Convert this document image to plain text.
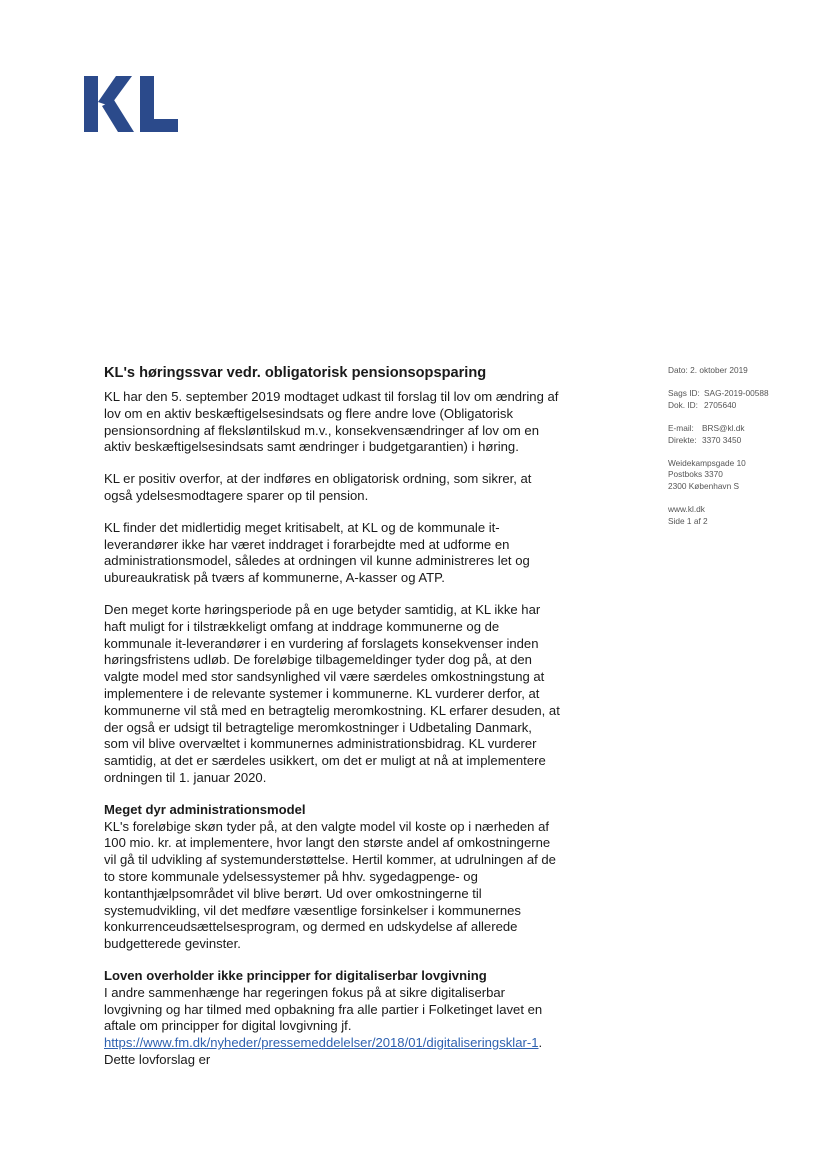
KL's høringssvar vedr. obligatorisk pensionsopsparing

KL har den 5. september 2019 modtaget udkast til forslag til lov om ændring af lov om en aktiv beskæftigelsesindsats og flere andre love (Obligatorisk pensionsordning af fleksløntilskud m.v., konsekvensændringer af lov om en aktiv beskæftigelsesindsats samt ændringer i budgetgarantien) i høring.

KL er positiv overfor, at der indføres en obligatorisk ordning, som sikrer, at også ydelsesmodtagere sparer op til pension.

KL finder det midlertidig meget kritisabelt, at KL og de kommunale it-leverandører ikke har været inddraget i forarbejdte med at udforme en administrationsmodel, således at ordningen vil kunne administreres let og ubureaukratisk på tværs af kommunerne, A-kasser og ATP.

Den meget korte høringsperiode på en uge betyder samtidig, at KL ikke har haft muligt for i tilstrækkeligt omfang at inddrage kommunerne og de kommunale it-leverandører i en vurdering af forslagets konsekvenser inden høringsfristens udløb. De foreløbige tilbagemeldinger tyder dog på, at den valgte model med stor sandsynlighed vil være særdeles omkostningstung at implementere i de relevante systemer i kommunerne. KL vurderer derfor, at kommunerne vil stå med en betragtelig meromkostning. KL erfarer desuden, at der også er udsigt til betragtelige meromkostninger i Udbetaling Danmark, som vil blive overvæltet i kommunernes administrationsbidrag. KL vurderer samtidig, at det er særdeles usikkert, om det er muligt at nå at implementere ordningen til 1. januar 2020.

Meget dyr administrationsmodel

KL's foreløbige skøn tyder på, at den valgte model vil koste op i nærheden af 100 mio. kr. at implementere, hvor langt den største andel af omkostningerne vil gå til udvikling af systemunderstøttelse. Hertil kommer, at udrulningen af de to store kommunale ydelsessystemer på hhv. sygedagpenge- og kontanthjælpsområdet vil blive berørt. Ud over omkostningerne til systemudvikling, vil det medføre væsentlige forsinkelser i kommunernes konkurrenceudsættelsesprogram, og dermed en udskydelse af allerede budgetterede gevinster.

Loven overholder ikke principper for digitaliserbar lovgivning

I andre sammenhænge har regeringen fokus på at sikre digitaliserbar lovgivning og har tilmed med opbakning fra alle partier i Folketinget lavet en aftale om principper for digital lovgivning jf. https://www.fm.dk/nyheder/pressemeddelelser/2018/01/digitaliseringsklar-1. Dette lovforslag er

Dato: 2. oktober 2019
Sags ID: SAG-2019-00588
Dok. ID: 2705640
E-mail: BRS@kl.dk
Direkte: 3370 3450
Weidekampsgade 10
Postboks 3370
2300 København S
www.kl.dk
Side 1 af 2
